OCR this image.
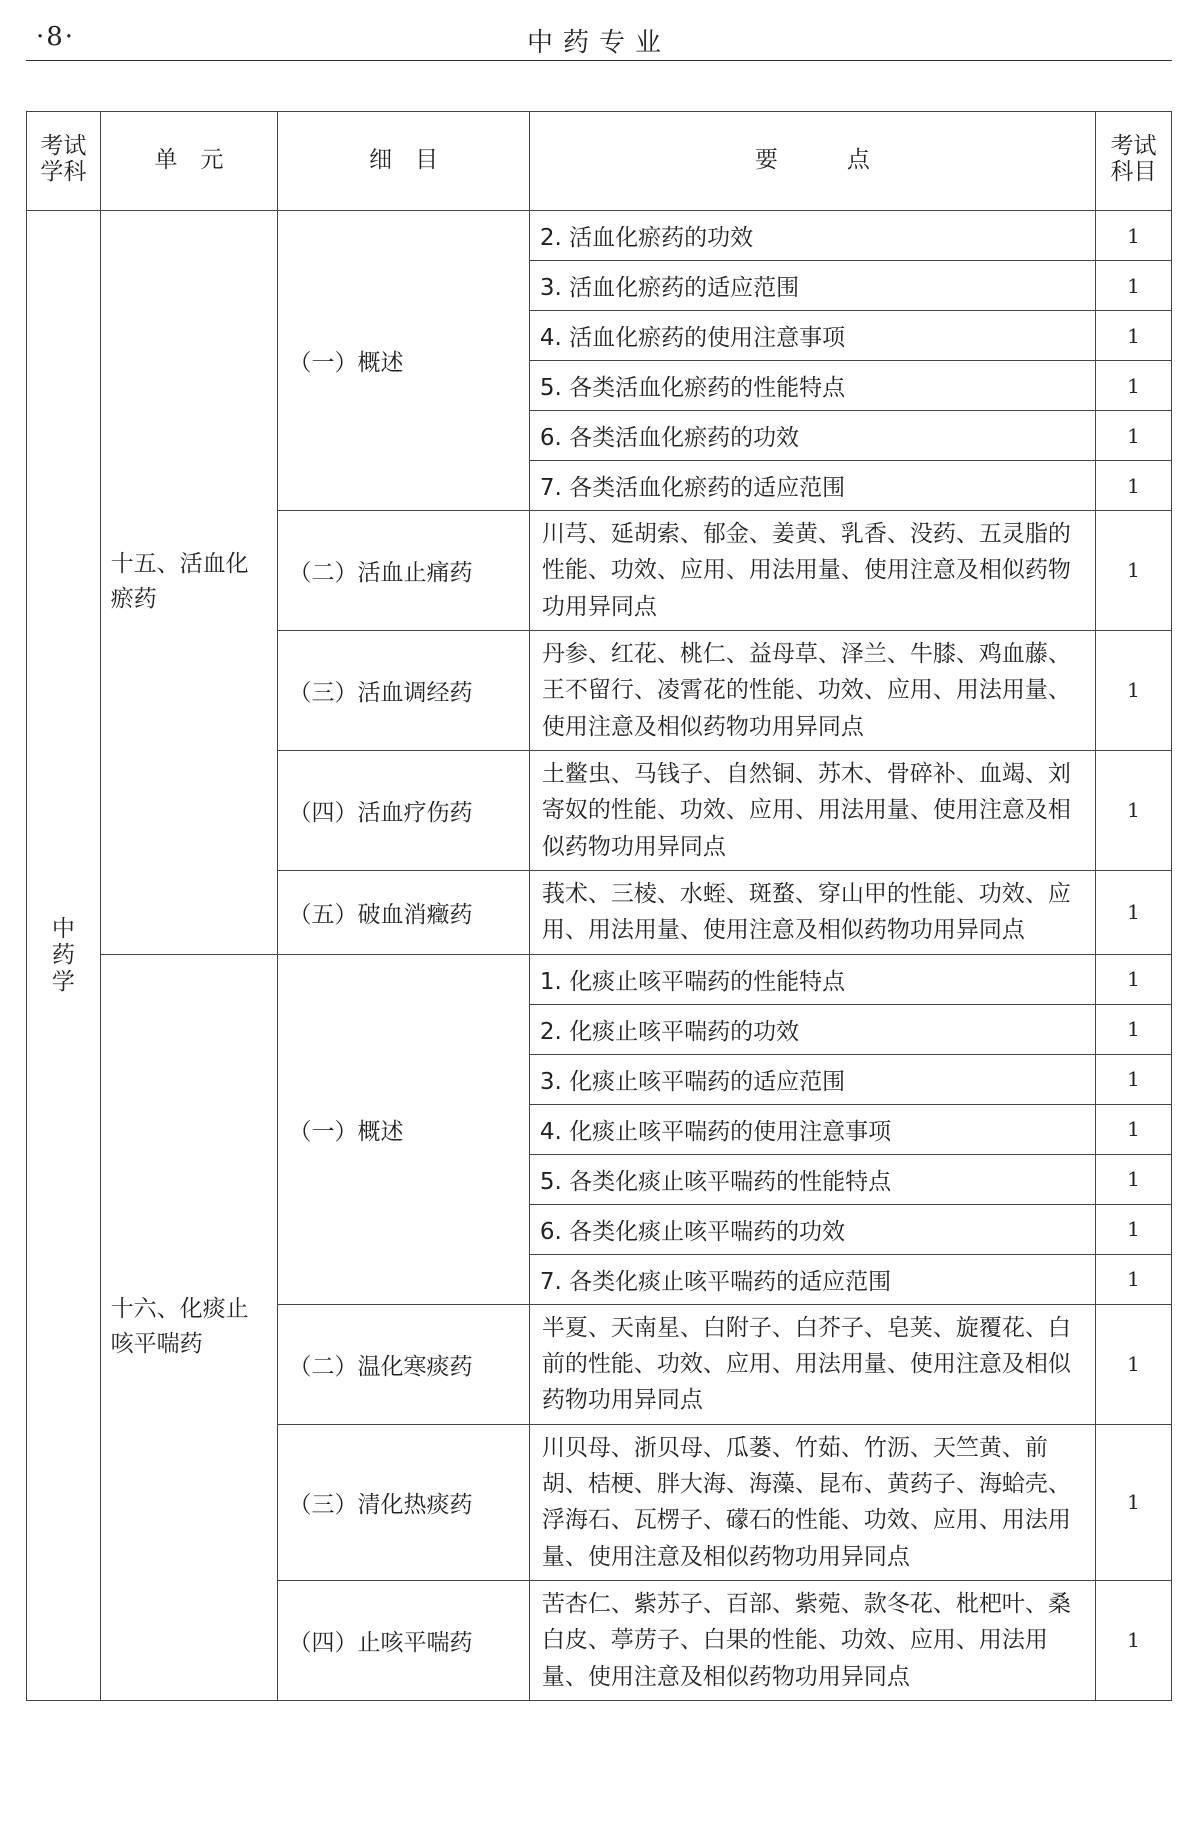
·8·	中药专业
考试学科	单　元	细　目	要　　　点	考试科目
中药学	十五、活血化瘀药	（一）概述	2. 活血化瘀药的功效	1
			3. 活血化瘀药的适应范围	1
			4. 活血化瘀药的使用注意事项	1
			5. 各类活血化瘀药的性能特点	1
			6. 各类活血化瘀药的功效	1
			7. 各类活血化瘀药的适应范围	1
		（二）活血止痛药	川芎、延胡索、郁金、姜黄、乳香、没药、五灵脂的性能、功效、应用、用法用量、使用注意及相似药物功用异同点	1
		（三）活血调经药	丹参、红花、桃仁、益母草、泽兰、牛膝、鸡血藤、王不留行、凌霄花的性能、功效、应用、用法用量、使用注意及相似药物功用异同点	1
		（四）活血疗伤药	土鳖虫、马钱子、自然铜、苏木、骨碎补、血竭、刘寄奴的性能、功效、应用、用法用量、使用注意及相似药物功用异同点	1
		（五）破血消癥药	莪术、三棱、水蛭、斑蝥、穿山甲的性能、功效、应用、用法用量、使用注意及相似药物功用异同点	1
	十六、化痰止咳平喘药	（一）概述	1. 化痰止咳平喘药的性能特点	1
			2. 化痰止咳平喘药的功效	1
			3. 化痰止咳平喘药的适应范围	1
			4. 化痰止咳平喘药的使用注意事项	1
			5. 各类化痰止咳平喘药的性能特点	1
			6. 各类化痰止咳平喘药的功效	1
			7. 各类化痰止咳平喘药的适应范围	1
		（二）温化寒痰药	半夏、天南星、白附子、白芥子、皂荚、旋覆花、白前的性能、功效、应用、用法用量、使用注意及相似药物功用异同点	1
		（三）清化热痰药	川贝母、浙贝母、瓜蒌、竹茹、竹沥、天竺黄、前胡、桔梗、胖大海、海藻、昆布、黄药子、海蛤壳、浮海石、瓦楞子、礞石的性能、功效、应用、用法用量、使用注意及相似药物功用异同点	1
		（四）止咳平喘药	苦杏仁、紫苏子、百部、紫菀、款冬花、枇杷叶、桑白皮、葶苈子、白果的性能、功效、应用、用法用量、使用注意及相似药物功用异同点	1
